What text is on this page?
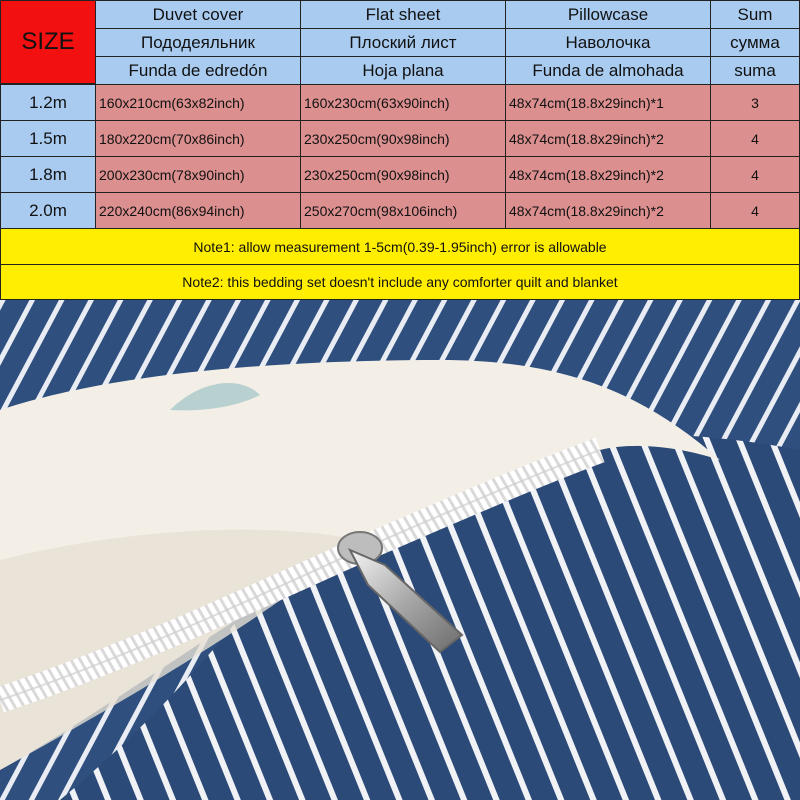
SIZE
Duvet cover	Flat sheet	Pillowcase	Sum
Пододеяльник	Плоский лист	Наволочка	сумма
Funda de edredón	Hoja plana	Funda de almohada	suma
1.2m	160x210cm(63x82inch)	160x230cm(63x90inch)	48x74cm(18.8x29inch)*1	3
1.5m	180x220cm(70x86inch)	230x250cm(90x98inch)	48x74cm(18.8x29inch)*2	4
1.8m	200x230cm(78x90inch)	230x250cm(90x98inch)	48x74cm(18.8x29inch)*2	4
2.0m	220x240cm(86x94inch)	250x270cm(98x106inch)	48x74cm(18.8x29inch)*2	4
Note1: allow measurement 1-5cm(0.39-1.95inch) error is allowable
Note2: this bedding set doesn't include any comforter quilt and blanket
